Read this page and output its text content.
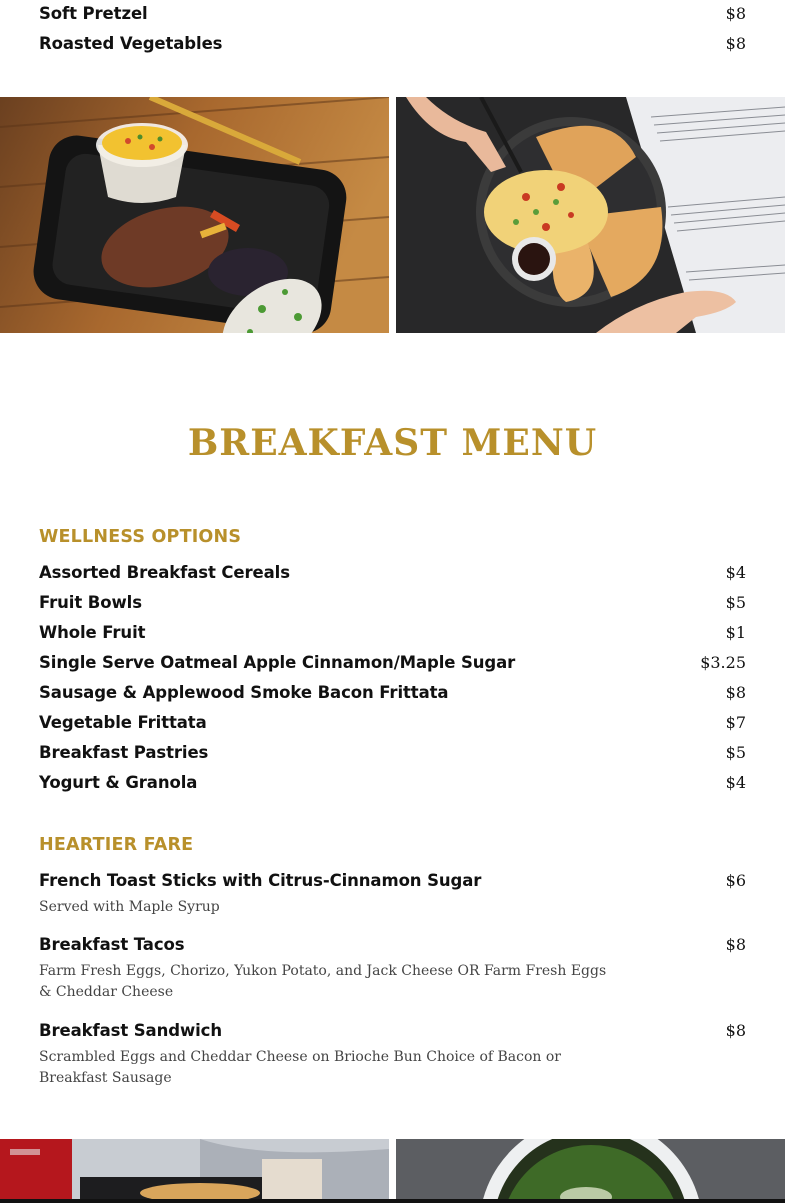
Soft Pretzel	$8
Roasted Vegetables	$8
BREAKFAST MENU
WELLNESS OPTIONS
Assorted Breakfast Cereals	$4
Fruit Bowls	$5
Whole Fruit	$1
Single Serve Oatmeal Apple Cinnamon/Maple Sugar	$3.25
Sausage & Applewood Smoke Bacon Frittata	$8
Vegetable Frittata	$7
Breakfast Pastries	$5
Yogurt & Granola	$4
HEARTIER FARE
French Toast Sticks with Citrus-Cinnamon Sugar	$6
Served with Maple Syrup
Breakfast Tacos	$8
Farm Fresh Eggs, Chorizo, Yukon Potato, and Jack Cheese OR Farm Fresh Eggs & Cheddar Cheese
Breakfast Sandwich	$8
Scrambled Eggs and Cheddar Cheese on Brioche Bun Choice of Bacon or Breakfast Sausage
